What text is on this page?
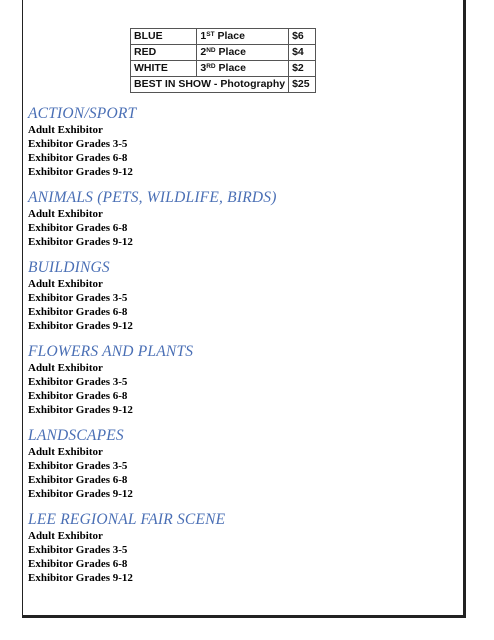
BLUE	1ST Place	$6
RED	2ND Place	$4
WHITE	3RD Place	$2
BEST IN SHOW - Photography		$25

ACTION/SPORT

Adult Exhibitor

Exhibitor Grades 3-5

Exhibitor Grades 6-8

Exhibitor Grades 9-12

ANIMALS (PETS, WILDLIFE, BIRDS)

Adult Exhibitor

Exhibitor Grades 6-8

Exhibitor Grades 9-12

BUILDINGS

Adult Exhibitor

Exhibitor Grades 3-5

Exhibitor Grades 6-8

Exhibitor Grades 9-12

FLOWERS AND PLANTS

Adult Exhibitor

Exhibitor Grades 3-5

Exhibitor Grades 6-8

Exhibitor Grades 9-12

LANDSCAPES

Adult Exhibitor

Exhibitor Grades 3-5

Exhibitor Grades 6-8

Exhibitor Grades 9-12

LEE REGIONAL FAIR SCENE

Adult Exhibitor

Exhibitor Grades 3-5

Exhibitor Grades 6-8

Exhibitor Grades 9-12
